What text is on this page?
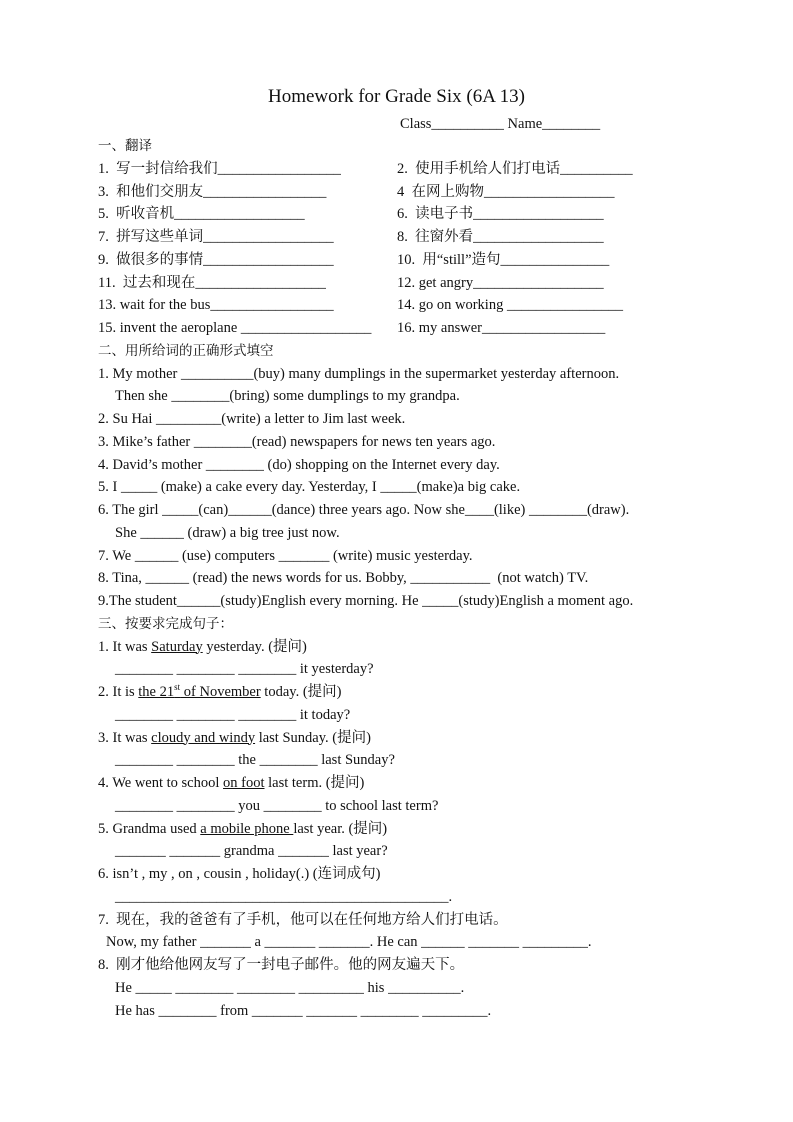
Homework for Grade Six (6A 13)
Class__________ Name________
一、翻译
1.  写一封信给我们_________________	2.  使用手机给人们打电话__________
3.  和他们交朋友_________________	4  在网上购物__________________
5.  听收音机__________________	6.  读电子书__________________
7.  拼写这些单词__________________	8.  往窗外看__________________
9.  做很多的事情__________________	10.  用“still”造句_______________
11.  过去和现在__________________	12. get angry__________________
13. wait for the bus_________________	14. go on working ________________
15. invent the aeroplane __________________ 16. my answer_________________
二、用所给词的正确形式填空
1. My mother __________(buy) many dumplings in the supermarket yesterday afternoon.
Then she ________(bring) some dumplings to my grandpa.
2. Su Hai _________(write) a letter to Jim last week.
3. Mike’s father ________(read) newspapers for news ten years ago.
4. David’s mother ________ (do) shopping on the Internet every day.
5. I _____ (make) a cake every day. Yesterday, I _____(make)a big cake.
6. The girl _____(can)______(dance) three years ago. Now she____(like) ________(draw).
She ______ (draw) a big tree just now.
7. We ______ (use) computers _______ (write) music yesterday.
8. Tina, ______ (read) the news words for us. Bobby, ___________  (not watch) TV.
9.The student______(study)English every morning. He _____(study)English a moment ago.
三、按要求完成句子：
1. It was Saturday yesterday. (提问)
________ ________ ________ it yesterday?
2. It is the 21st of November today. (提问)
________ ________ ________ it today?
3. It was cloudy and windy last Sunday. (提问)
________ ________ the ________ last Sunday?
4. We went to school on foot last term. (提问)
________ ________ you ________ to school last term?
5. Grandma used a mobile phone last year. (提问)
_______ _______ grandma _______ last year?
6. isn’t , my , on , cousin , holiday(.) (连词成句)
______________________________________________.
7.  现在，我的爸爸有了手机，他可以在任何地方给人们打电话。
Now, my father _______ a _______ _______. He can ______ _______ _________.
8.  刚才他给他网友写了一封电子邮件。他的网友遍天下。
He _____ ________ ________ _________ his __________.
He has ________ from _______ _______ ________ _________.
